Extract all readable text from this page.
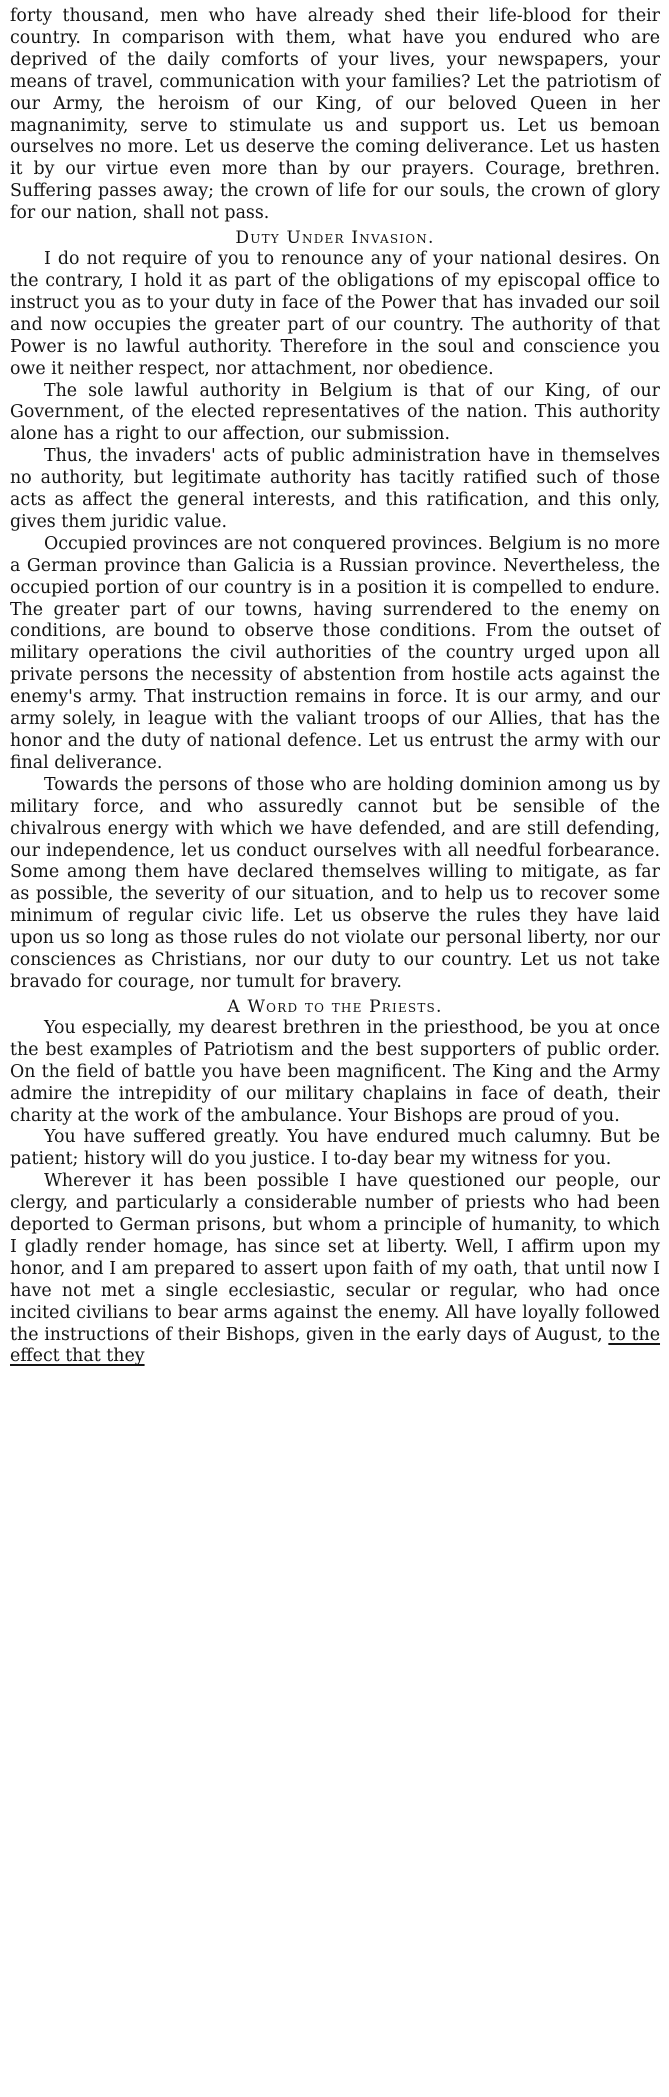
forty thousand, men who have already shed their life-blood for their country. In comparison with them, what have you endured who are deprived of the daily comforts of your lives, your newspapers, your means of travel, communication with your families? Let the patriotism of our Army, the heroism of our King, of our beloved Queen in her magnanimity, serve to stimulate us and support us. Let us bemoan ourselves no more. Let us deserve the coming deliverance. Let us hasten it by our virtue even more than by our prayers. Courage, brethren. Suffering passes away; the crown of life for our souls, the crown of glory for our nation, shall not pass.

Duty Under Invasion.

I do not require of you to renounce any of your national desires. On the contrary, I hold it as part of the obligations of my episcopal office to instruct you as to your duty in face of the Power that has invaded our soil and now occupies the greater part of our country. The authority of that Power is no lawful authority. Therefore in the soul and conscience you owe it neither respect, nor attachment, nor obedience.

The sole lawful authority in Belgium is that of our King, of our Government, of the elected representatives of the nation. This authority alone has a right to our affection, our submission.

Thus, the invaders' acts of public administration have in themselves no authority, but legitimate authority has tacitly ratified such of those acts as affect the general interests, and this ratification, and this only, gives them juridic value.

Occupied provinces are not conquered provinces. Belgium is no more a German province than Galicia is a Russian province. Nevertheless, the occupied portion of our country is in a position it is compelled to endure. The greater part of our towns, having surrendered to the enemy on conditions, are bound to observe those conditions. From the outset of military operations the civil authorities of the country urged upon all private persons the necessity of abstention from hostile acts against the enemy's army. That instruction remains in force. It is our army, and our army solely, in league with the valiant troops of our Allies, that has the honor and the duty of national defence. Let us entrust the army with our final deliverance.

Towards the persons of those who are holding dominion among us by military force, and who assuredly cannot but be sensible of the chivalrous energy with which we have defended, and are still defending, our independence, let us conduct ourselves with all needful forbearance. Some among them have declared themselves willing to mitigate, as far as possible, the severity of our situation, and to help us to recover some minimum of regular civic life. Let us observe the rules they have laid upon us so long as those rules do not violate our personal liberty, nor our consciences as Christians, nor our duty to our country. Let us not take bravado for courage, nor tumult for bravery.

A Word to the Priests.

You especially, my dearest brethren in the priesthood, be you at once the best examples of Patriotism and the best supporters of public order. On the field of battle you have been magnificent. The King and the Army admire the intrepidity of our military chaplains in face of death, their charity at the work of the ambulance. Your Bishops are proud of you.

You have suffered greatly. You have endured much calumny. But be patient; history will do you justice. I to-day bear my witness for you.

Wherever it has been possible I have questioned our people, our clergy, and particularly a considerable number of priests who had been deported to German prisons, but whom a principle of humanity, to which I gladly render homage, has since set at liberty. Well, I affirm upon my honor, and I am prepared to assert upon faith of my oath, that until now I have not met a single ecclesiastic, secular or regular, who had once incited civilians to bear arms against the enemy. All have loyally followed the instructions of their Bishops, given in the early days of August, to the effect that they
